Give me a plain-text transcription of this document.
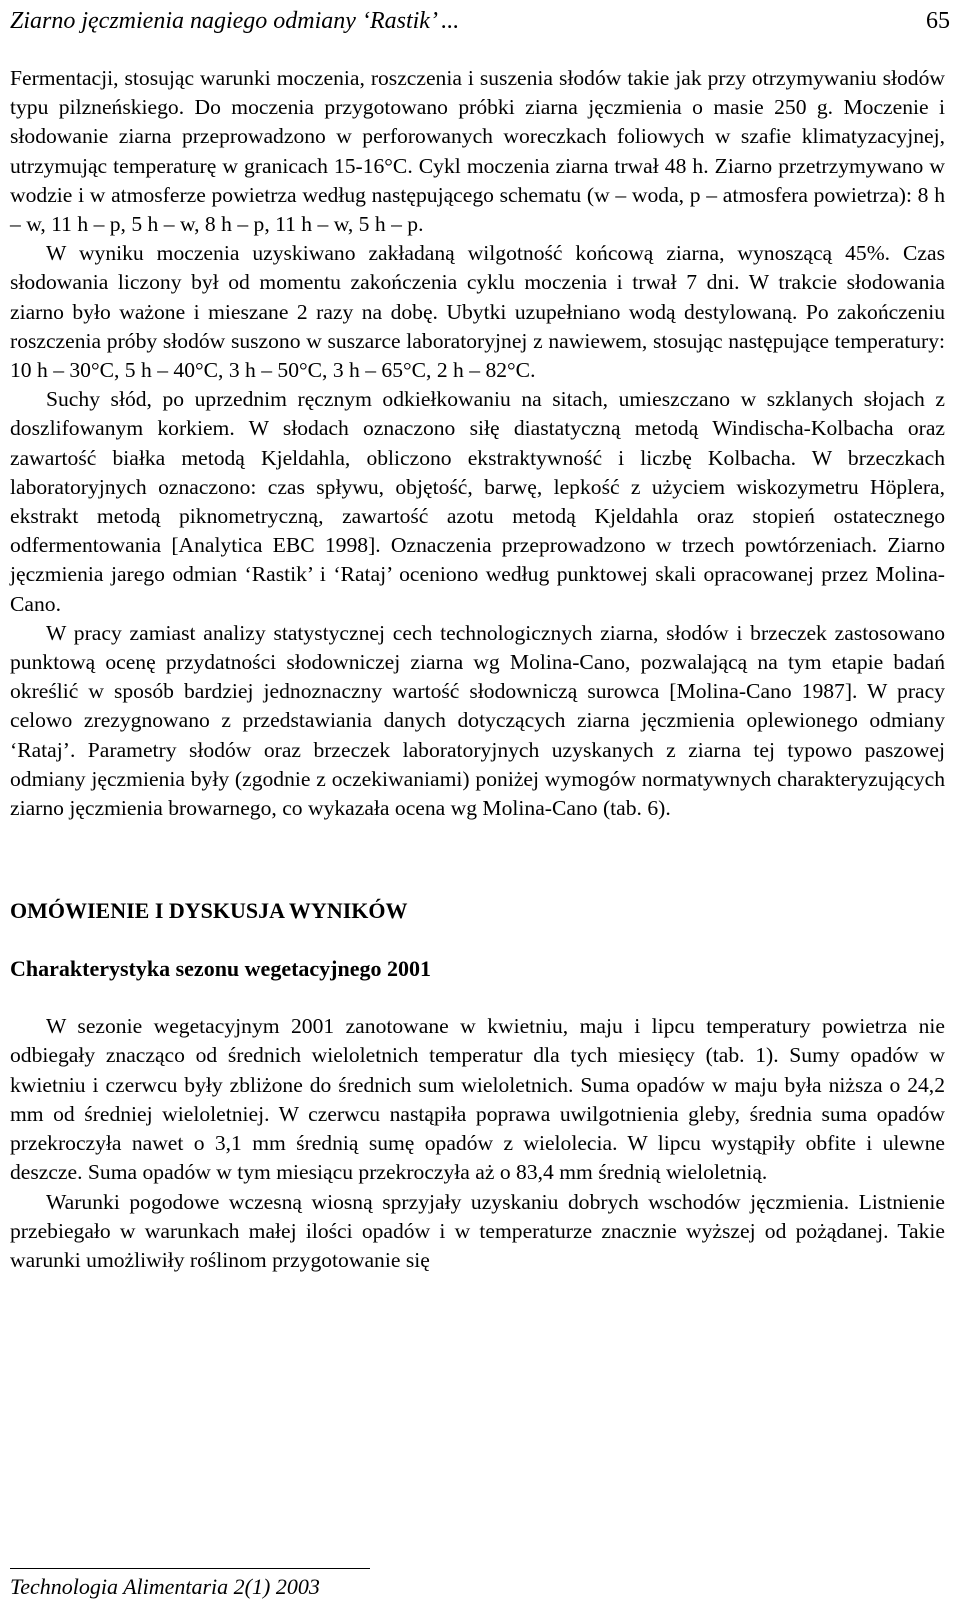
Ziarno jęczmienia nagiego odmiany ‘Rastik’ ...	65

Fermentacji, stosując warunki moczenia, roszczenia i suszenia słodów takie jak przy otrzymywaniu słodów typu pilzneńskiego. Do moczenia przygotowano próbki ziarna jęczmienia o masie 250 g. Moczenie i słodowanie ziarna przeprowadzono w perforowanych woreczkach foliowych w szafie klimatyzacyjnej, utrzymując temperaturę w granicach 15-16°C. Cykl moczenia ziarna trwał 48 h. Ziarno przetrzymywano w wodzie i w atmosferze powietrza według następującego schematu (w – woda, p – atmosfera powietrza): 8 h – w, 11 h – p, 5 h – w, 8 h – p, 11 h – w, 5 h – p.

W wyniku moczenia uzyskiwano zakładaną wilgotność końcową ziarna, wynoszącą 45%. Czas słodowania liczony był od momentu zakończenia cyklu moczenia i trwał 7 dni. W trakcie słodowania ziarno było ważone i mieszane 2 razy na dobę. Ubytki uzupełniano wodą destylowaną. Po zakończeniu roszczenia próby słodów suszono w suszarce laboratoryjnej z nawiewem, stosując następujące temperatury: 10 h – 30°C, 5 h – 40°C, 3 h – 50°C, 3 h – 65°C, 2 h – 82°C.

Suchy słód, po uprzednim ręcznym odkiełkowaniu na sitach, umieszczano w szklanych słojach z doszlifowanym korkiem. W słodach oznaczono siłę diastatyczną metodą Windischa-Kolbacha oraz zawartość białka metodą Kjeldahla, obliczono ekstraktywność i liczbę Kolbacha. W brzeczkach laboratoryjnych oznaczono: czas spływu, objętość, barwę, lepkość z użyciem wiskozymetru Höplera, ekstrakt metodą piknometryczną, zawartość azotu metodą Kjeldahla oraz stopień ostatecznego odfermentowania [Analytica EBC 1998]. Oznaczenia przeprowadzono w trzech powtórzeniach. Ziarno jęczmienia jarego odmian ‘Rastik’ i ‘Rataj’ oceniono według punktowej skali opracowanej przez Molina-Cano.

W pracy zamiast analizy statystycznej cech technologicznych ziarna, słodów i brzeczek zastosowano punktową ocenę przydatności słodowniczej ziarna wg Molina-Cano, pozwalającą na tym etapie badań określić w sposób bardziej jednoznaczny wartość słodowniczą surowca [Molina-Cano 1987]. W pracy celowo zrezygnowano z przedstawiania danych dotyczących ziarna jęczmienia oplewionego odmiany ‘Rataj’. Parametry słodów oraz brzeczek laboratoryjnych uzyskanych z ziarna tej typowo paszowej odmiany jęczmienia były (zgodnie z oczekiwaniami) poniżej wymogów normatywnych charakteryzujących ziarno jęczmienia browarnego, co wykazała ocena wg Molina-Cano (tab. 6).

OMÓWIENIE I DYSKUSJA WYNIKÓW
Charakterystyka sezonu wegetacyjnego 2001

W sezonie wegetacyjnym 2001 zanotowane w kwietniu, maju i lipcu temperatury powietrza nie odbiegały znacząco od średnich wieloletnich temperatur dla tych miesięcy (tab. 1). Sumy opadów w kwietniu i czerwcu były zbliżone do średnich sum wieloletnich. Suma opadów w maju była niższa o 24,2 mm od średniej wieloletniej. W czerwcu nastąpiła poprawa uwilgotnienia gleby, średnia suma opadów przekroczyła nawet o 3,1 mm średnią sumę opadów z wielolecia. W lipcu wystąpiły obfite i ulewne deszcze. Suma opadów w tym miesiącu przekroczyła aż o 83,4 mm średnią wieloletnią.

Warunki pogodowe wczesną wiosną sprzyjały uzyskaniu dobrych wschodów jęczmienia. Listnienie przebiegało w warunkach małej ilości opadów i w temperaturze znacznie wyższej od pożądanej. Takie warunki umożliwiły roślinom przygotowanie się

Technologia Alimentaria 2(1) 2003
